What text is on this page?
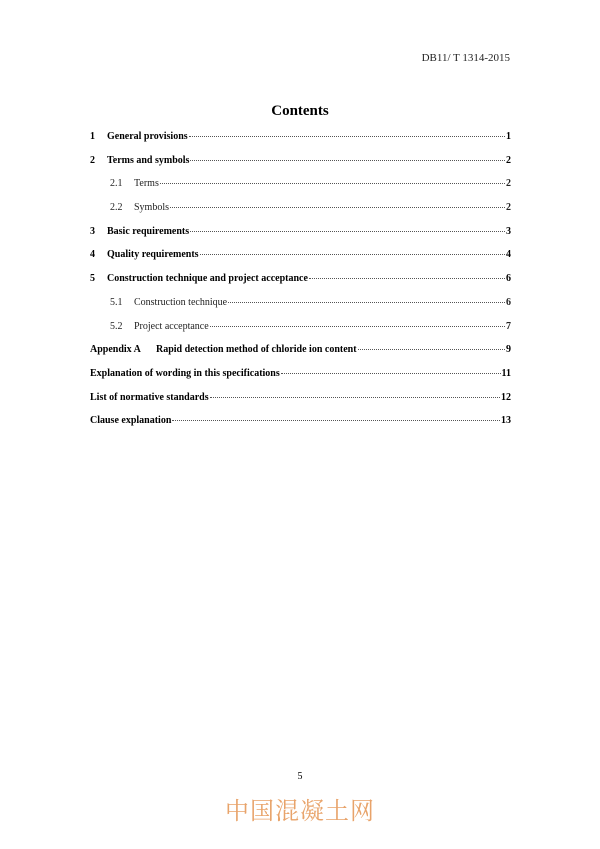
DB11/ T 1314-2015
Contents
1	General provisions	1
2	Terms and symbols	2
2.1	Terms	2
2.2	Symbols	2
3	Basic requirements	3
4	Quality requirements	4
5	Construction technique and project acceptance	6
5.1	Construction technique	6
5.2	Project acceptance	7
Appendix A	Rapid detection method of chloride ion content	9
Explanation of wording in this specifications	11
List of normative standards	12
Clause explanation	13
5
中国混凝土网
